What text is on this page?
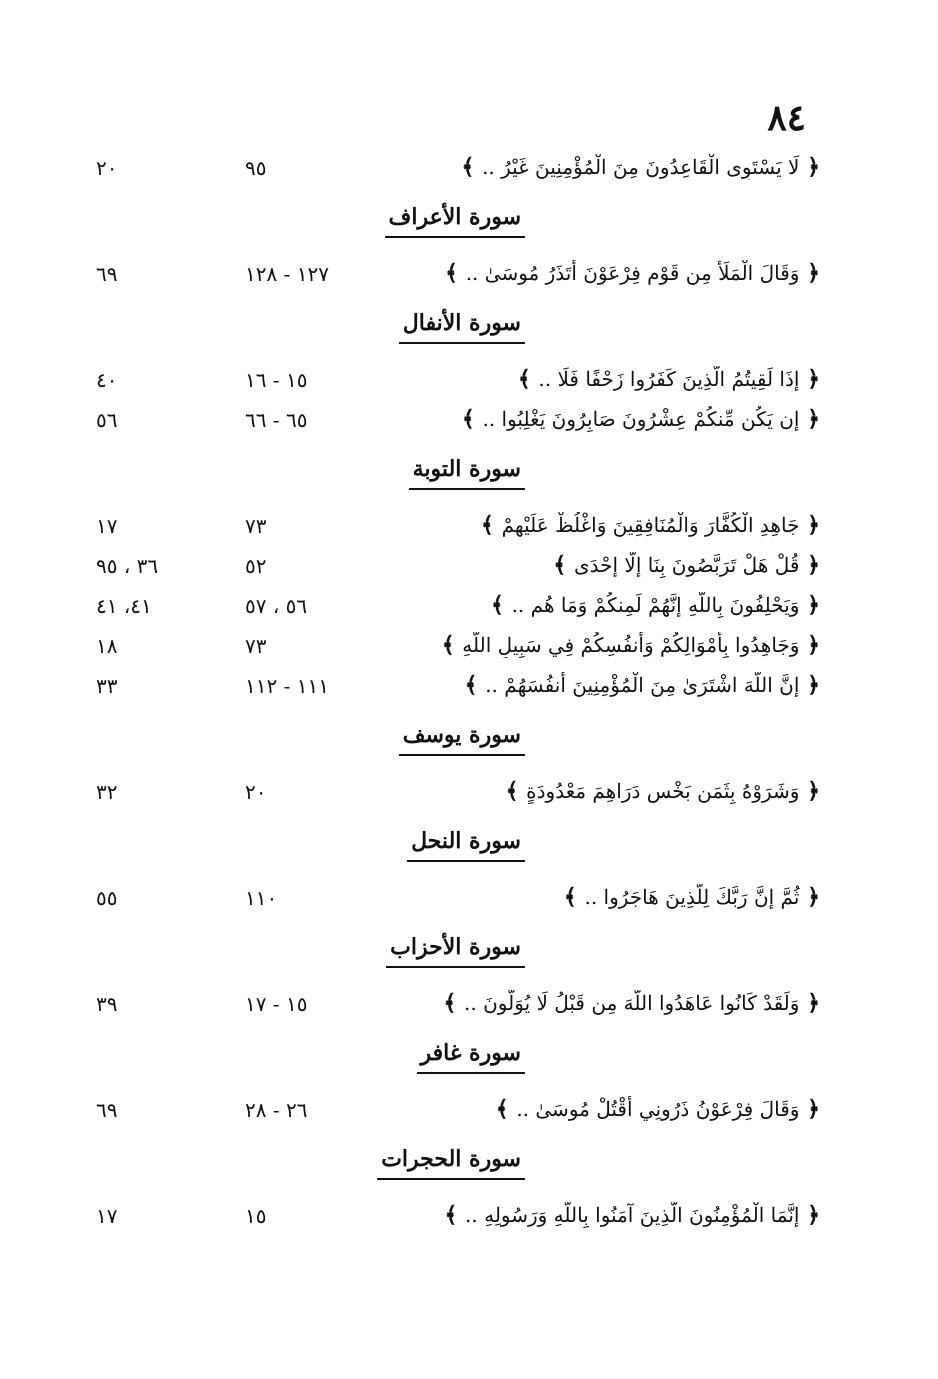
٨٤
﴿ لَا يَسْتَوِى الْقَاعِدُونَ مِنَ الْمُؤْمِنِينَ غَيْرُ .. ﴾
٩٥
٢٠
سورة الأعراف
﴿ وَقَالَ الْمَلَأُ مِن قَوْمِ فِرْعَوْنَ أَتَذَرُ مُوسَىٰ .. ﴾
١٢٧ - ١٢٨
٦٩
سورة الأنفال
﴿ إِذَا لَقِيتُمُ الَّذِينَ كَفَرُوا زَحْفًا فَلَا .. ﴾
١٥ - ١٦
٤٠
﴿ إِن يَكُن مِّنكُمْ عِشْرُونَ صَابِرُونَ يَغْلِبُوا .. ﴾
٦٥ - ٦٦
٥٦
سورة التوبة
﴿ جَاهِدِ الْكُفَّارَ وَالْمُنَافِقِينَ وَاغْلُظْ عَلَيْهِمْ ﴾
٧٣
١٧
﴿ قُلْ هَلْ تَرَبَّصُونَ بِنَا إِلَّا إِحْدَى ﴾
٥٢
٣٦ ، ٩٥
﴿ وَيَحْلِفُونَ بِاللَّهِ إِنَّهُمْ لَمِنكُمْ وَمَا هُم .. ﴾
٥٦ ، ٥٧
٤١، ٤١
﴿ وَجَاهِدُوا بِأَمْوَالِكُمْ وَأَنفُسِكُمْ فِي سَبِيلِ اللَّهِ ﴾
٧٣
١٨
﴿ إِنَّ اللَّهَ اشْتَرَىٰ مِنَ الْمُؤْمِنِينَ أَنفُسَهُمْ .. ﴾
١١١ - ١١٢
٣٣
سورة يوسف
﴿ وَشَرَوْهُ بِثَمَنٍ بَخْسٍ دَرَاهِمَ مَعْدُودَةٍ ﴾
٢٠
٣٢
سورة النحل
﴿ ثُمَّ إِنَّ رَبَّكَ لِلَّذِينَ هَاجَرُوا .. ﴾
١١٠
٥٥
سورة الأحزاب
﴿ وَلَقَدْ كَانُوا عَاهَدُوا اللَّهَ مِن قَبْلُ لَا يُوَلُّونَ .. ﴾
١٥ - ١٧
٣٩
سورة غافر
﴿ وَقَالَ فِرْعَوْنُ ذَرُونِي أَقْتُلْ مُوسَىٰ .. ﴾
٢٦ - ٢٨
٦٩
سورة الحجرات
﴿ إِنَّمَا الْمُؤْمِنُونَ الَّذِينَ آمَنُوا بِاللَّهِ وَرَسُولِهِ .. ﴾
١٥
١٧
